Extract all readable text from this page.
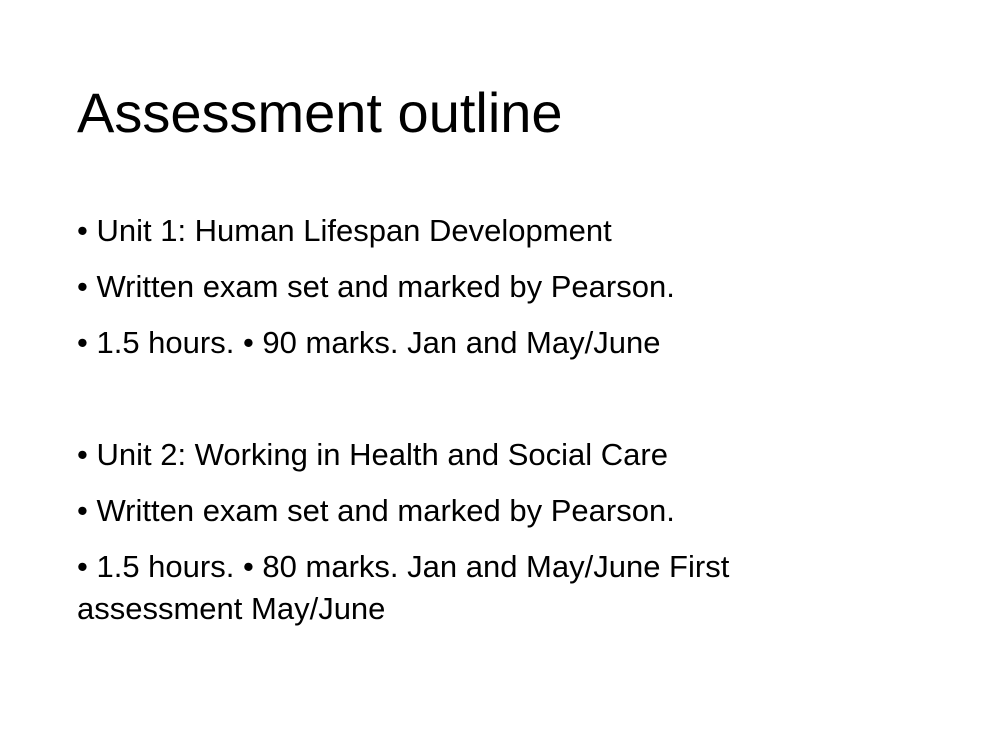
Assessment outline

• Unit 1: Human Lifespan Development

• Written exam set and marked by Pearson.

• 1.5 hours. • 90 marks. Jan and May/June

• Unit 2: Working in Health and Social Care

• Written exam set and marked by Pearson.

• 1.5 hours. • 80 marks. Jan and May/June First assessment May/June
